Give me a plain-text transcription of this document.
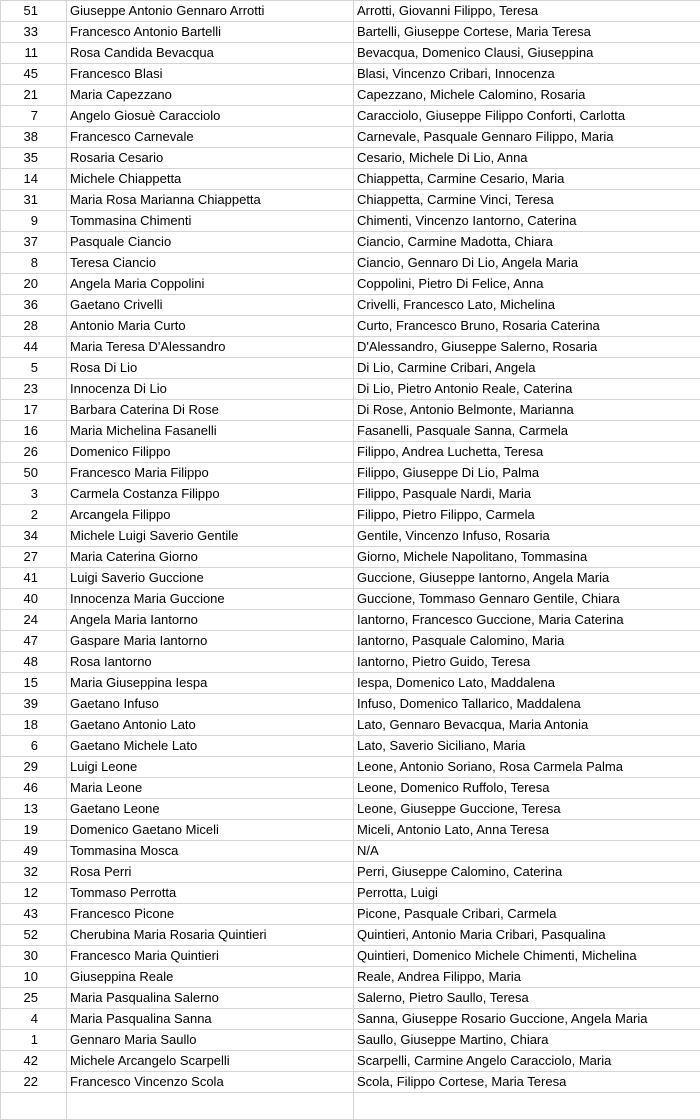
51	Giuseppe Antonio Gennaro Arrotti	Arrotti, Giovanni Filippo, Teresa
33	Francesco Antonio Bartelli	Bartelli, Giuseppe Cortese, Maria Teresa
11	Rosa Candida Bevacqua	Bevacqua, Domenico Clausi, Giuseppina
45	Francesco Blasi	Blasi, Vincenzo Cribari, Innocenza
21	Maria Capezzano	Capezzano, Michele Calomino, Rosaria
7	Angelo Giosuè Caracciolo	Caracciolo, Giuseppe Filippo Conforti, Carlotta
38	Francesco Carnevale	Carnevale, Pasquale Gennaro Filippo, Maria
35	Rosaria Cesario	Cesario, Michele Di Lio, Anna
14	Michele Chiappetta	Chiappetta, Carmine Cesario, Maria
31	Maria Rosa Marianna Chiappetta	Chiappetta, Carmine Vinci, Teresa
9	Tommasina Chimenti	Chimenti, Vincenzo Iantorno, Caterina
37	Pasquale Ciancio	Ciancio, Carmine Madotta, Chiara
8	Teresa Ciancio	Ciancio, Gennaro Di Lio, Angela Maria
20	Angela Maria Coppolini	Coppolini, Pietro Di Felice, Anna
36	Gaetano Crivelli	Crivelli, Francesco Lato, Michelina
28	Antonio Maria Curto	Curto, Francesco Bruno, Rosaria Caterina
44	Maria Teresa D'Alessandro	D'Alessandro, Giuseppe Salerno, Rosaria
5	Rosa Di Lio	Di Lio, Carmine Cribari, Angela
23	Innocenza Di Lio	Di Lio, Pietro Antonio Reale, Caterina
17	Barbara Caterina Di Rose	Di Rose, Antonio Belmonte, Marianna
16	Maria Michelina Fasanelli	Fasanelli, Pasquale Sanna, Carmela
26	Domenico Filippo	Filippo, Andrea Luchetta, Teresa
50	Francesco Maria Filippo	Filippo, Giuseppe Di Lio, Palma
3	Carmela Costanza Filippo	Filippo, Pasquale Nardi, Maria
2	Arcangela Filippo	Filippo, Pietro Filippo, Carmela
34	Michele Luigi Saverio Gentile	Gentile, Vincenzo Infuso, Rosaria
27	Maria Caterina Giorno	Giorno, Michele Napolitano, Tommasina
41	Luigi Saverio Guccione	Guccione, Giuseppe Iantorno, Angela Maria
40	Innocenza Maria Guccione	Guccione, Tommaso Gennaro Gentile, Chiara
24	Angela Maria Iantorno	Iantorno, Francesco Guccione, Maria Caterina
47	Gaspare Maria Iantorno	Iantorno, Pasquale Calomino, Maria
48	Rosa Iantorno	Iantorno, Pietro Guido, Teresa
15	Maria Giuseppina Iespa	Iespa, Domenico Lato, Maddalena
39	Gaetano Infuso	Infuso, Domenico Tallarico, Maddalena
18	Gaetano Antonio Lato	Lato, Gennaro Bevacqua, Maria Antonia
6	Gaetano Michele Lato	Lato, Saverio Siciliano, Maria
29	Luigi Leone	Leone, Antonio Soriano, Rosa Carmela Palma
46	Maria Leone	Leone, Domenico Ruffolo, Teresa
13	Gaetano Leone	Leone, Giuseppe Guccione, Teresa
19	Domenico Gaetano Miceli	Miceli, Antonio Lato, Anna Teresa
49	Tommasina Mosca	N/A
32	Rosa Perri	Perri, Giuseppe Calomino, Caterina
12	Tommaso Perrotta	Perrotta, Luigi
43	Francesco Picone	Picone, Pasquale Cribari, Carmela
52	Cherubina Maria Rosaria Quintieri	Quintieri, Antonio Maria Cribari, Pasqualina
30	Francesco Maria Quintieri	Quintieri, Domenico Michele Chimenti, Michelina
10	Giuseppina Reale	Reale, Andrea Filippo, Maria
25	Maria Pasqualina Salerno	Salerno, Pietro Saullo, Teresa
4	Maria Pasqualina Sanna	Sanna, Giuseppe Rosario Guccione, Angela Maria
1	Gennaro Maria Saullo	Saullo, Giuseppe Martino, Chiara
42	Michele Arcangelo Scarpelli	Scarpelli, Carmine Angelo Caracciolo, Maria
22	Francesco Vincenzo Scola	Scola, Filippo Cortese, Maria Teresa
